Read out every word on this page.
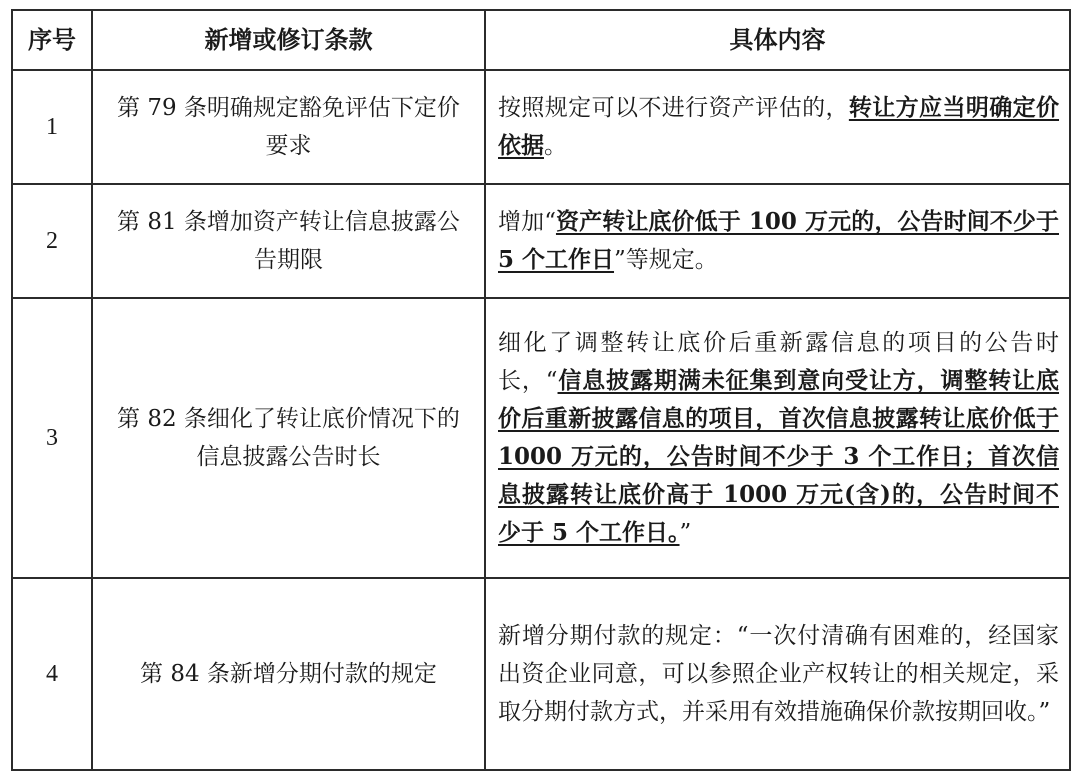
序号	新增或修订条款	具体内容
1	第 79 条明确规定豁免评估下定价要求	按照规定可以不进行资产评估的，转让方应当明确定价依据。
2	第 81 条增加资产转让信息披露公告期限	增加“资产转让底价低于 100 万元的，公告时间不少于 5 个工作日”等规定。
3	第 82 条细化了转让底价情况下的信息披露公告时长	细化了调整转让底价后重新露信息的项目的公告时长，“信息披露期满未征集到意向受让方，调整转让底价后重新披露信息的项目，首次信息披露转让底价低于 1000 万元的，公告时间不少于 3 个工作日；首次信息披露转让底价高于 1000 万元(含)的，公告时间不少于 5 个工作日。”
4	第 84 条新增分期付款的规定	新增分期付款的规定：“一次付清确有困难的，经国家出资企业同意，可以参照企业产权转让的相关规定，采取分期付款方式，并采用有效措施确保价款按期回收。”
